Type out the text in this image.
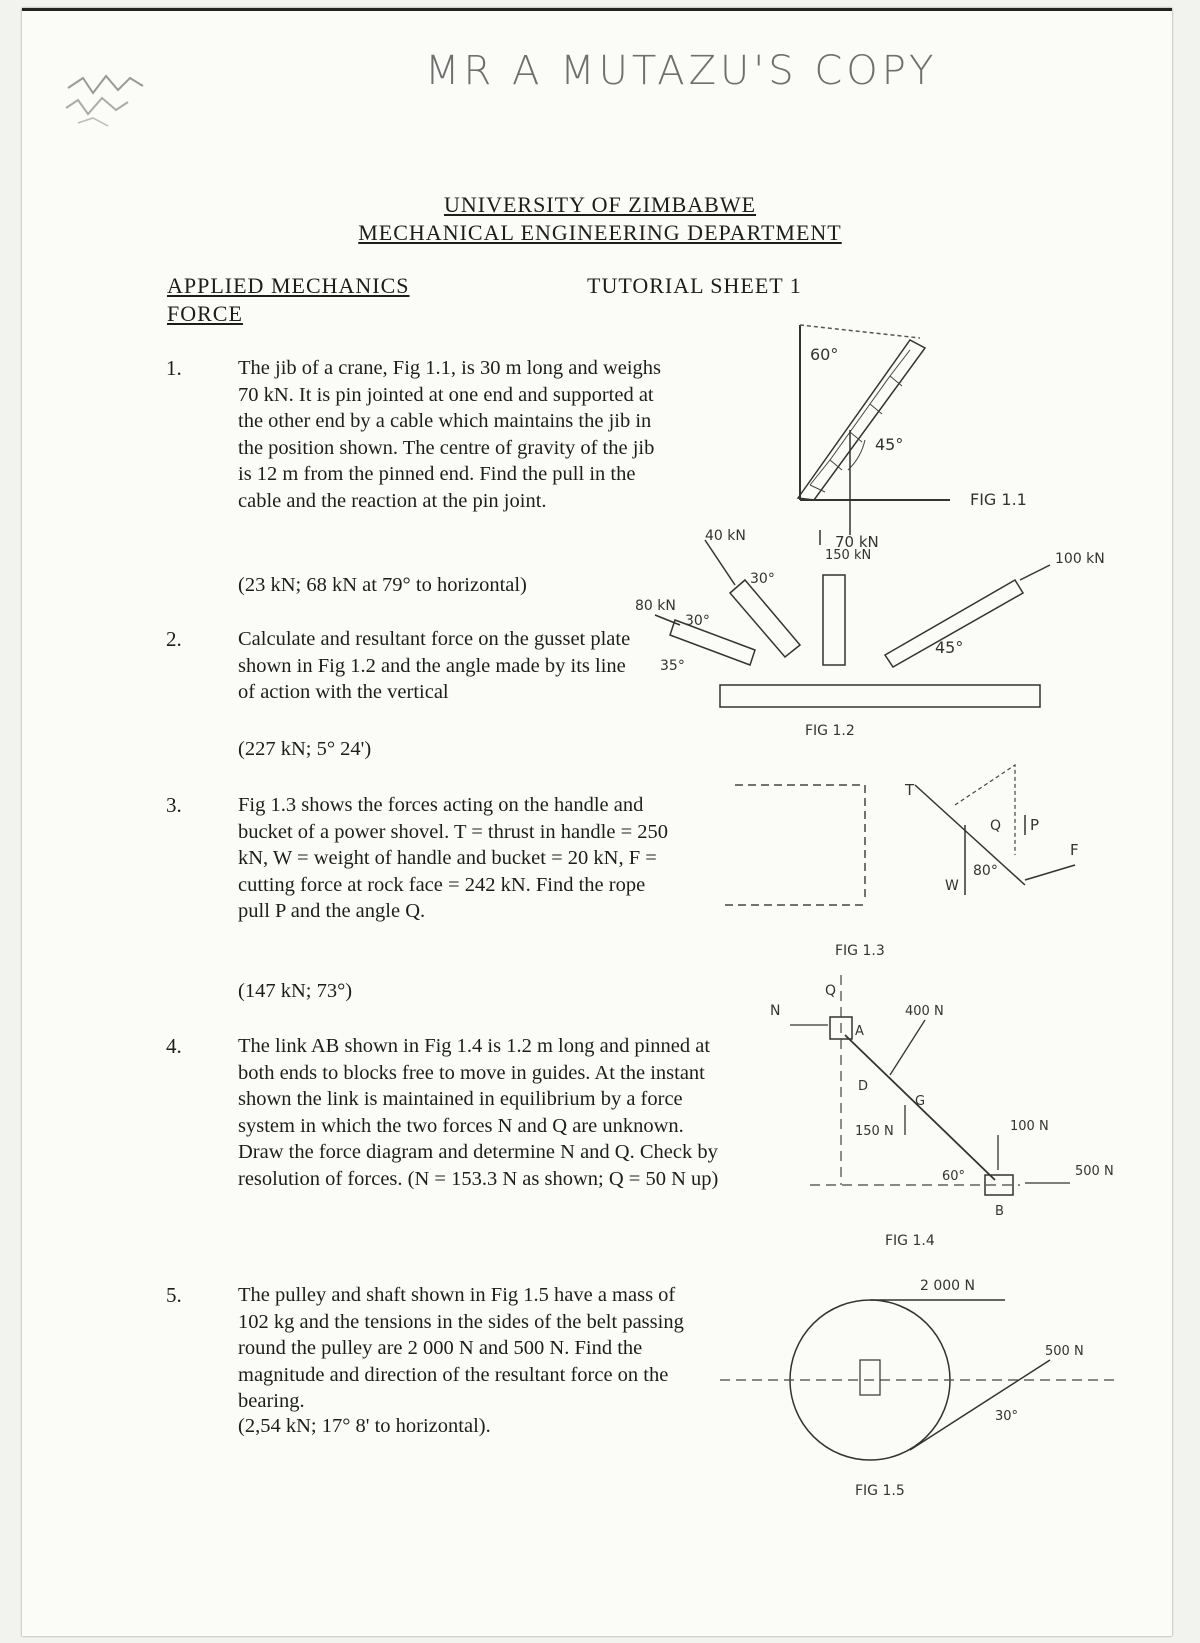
MR A MUTAZU'S COPY
UNIVERSITY OF ZIMBABWE
MECHANICAL ENGINEERING DEPARTMENT
APPLIED MECHANICS
FORCE
TUTORIAL SHEET 1
1.	The jib of a crane, Fig 1.1, is 30 m long and weighs 70 kN. It is pin jointed at one end and supported at the other end by a cable which maintains the jib in the position shown. The centre of gravity of the jib is 12 m from the pinned end. Find the pull in the cable and the reaction at the pin joint.
(23 kN; 68 kN at 79° to horizontal)
2.	Calculate and resultant force on the gusset plate shown in Fig 1.2 and the angle made by its line of action with the vertical
(227 kN; 5° 24')
3.	Fig 1.3 shows the forces acting on the handle and bucket of a power shovel. T = thrust in handle = 250 kN, W = weight of handle and bucket = 20 kN, F = cutting force at rock face = 242 kN. Find the rope pull P and the angle Q.
(147 kN; 73°)
4.	The link AB shown in Fig 1.4 is 1.2 m long and pinned at both ends to blocks free to move in guides. At the instant shown the link is maintained in equilibrium by a force system in which the two forces N and Q are unknown. Draw the force diagram and determine N and Q. Check by resolution of forces. (N = 153.3 N as shown; Q = 50 N up)
5.	The pulley and shaft shown in Fig 1.5 have a mass of 102 kg and the tensions in the sides of the belt passing round the pulley are 2 000 N and 500 N. Find the magnitude and direction of the resultant force on the bearing.
(2,54 kN; 17° 8' to horizontal).
60°
45°
FIG 1.1
70 kN
40 kN
150 kN	100 kN
80 kN
30°
30°
35°
45°
FIG 1.2
T
P
F
W
Q
80°
FIG 1.3
Q
N	400 N
150 N	100 N
500 N
A
B
G
D
60°
FIG 1.4
2 000 N
500 N
30°
FIG 1.5
